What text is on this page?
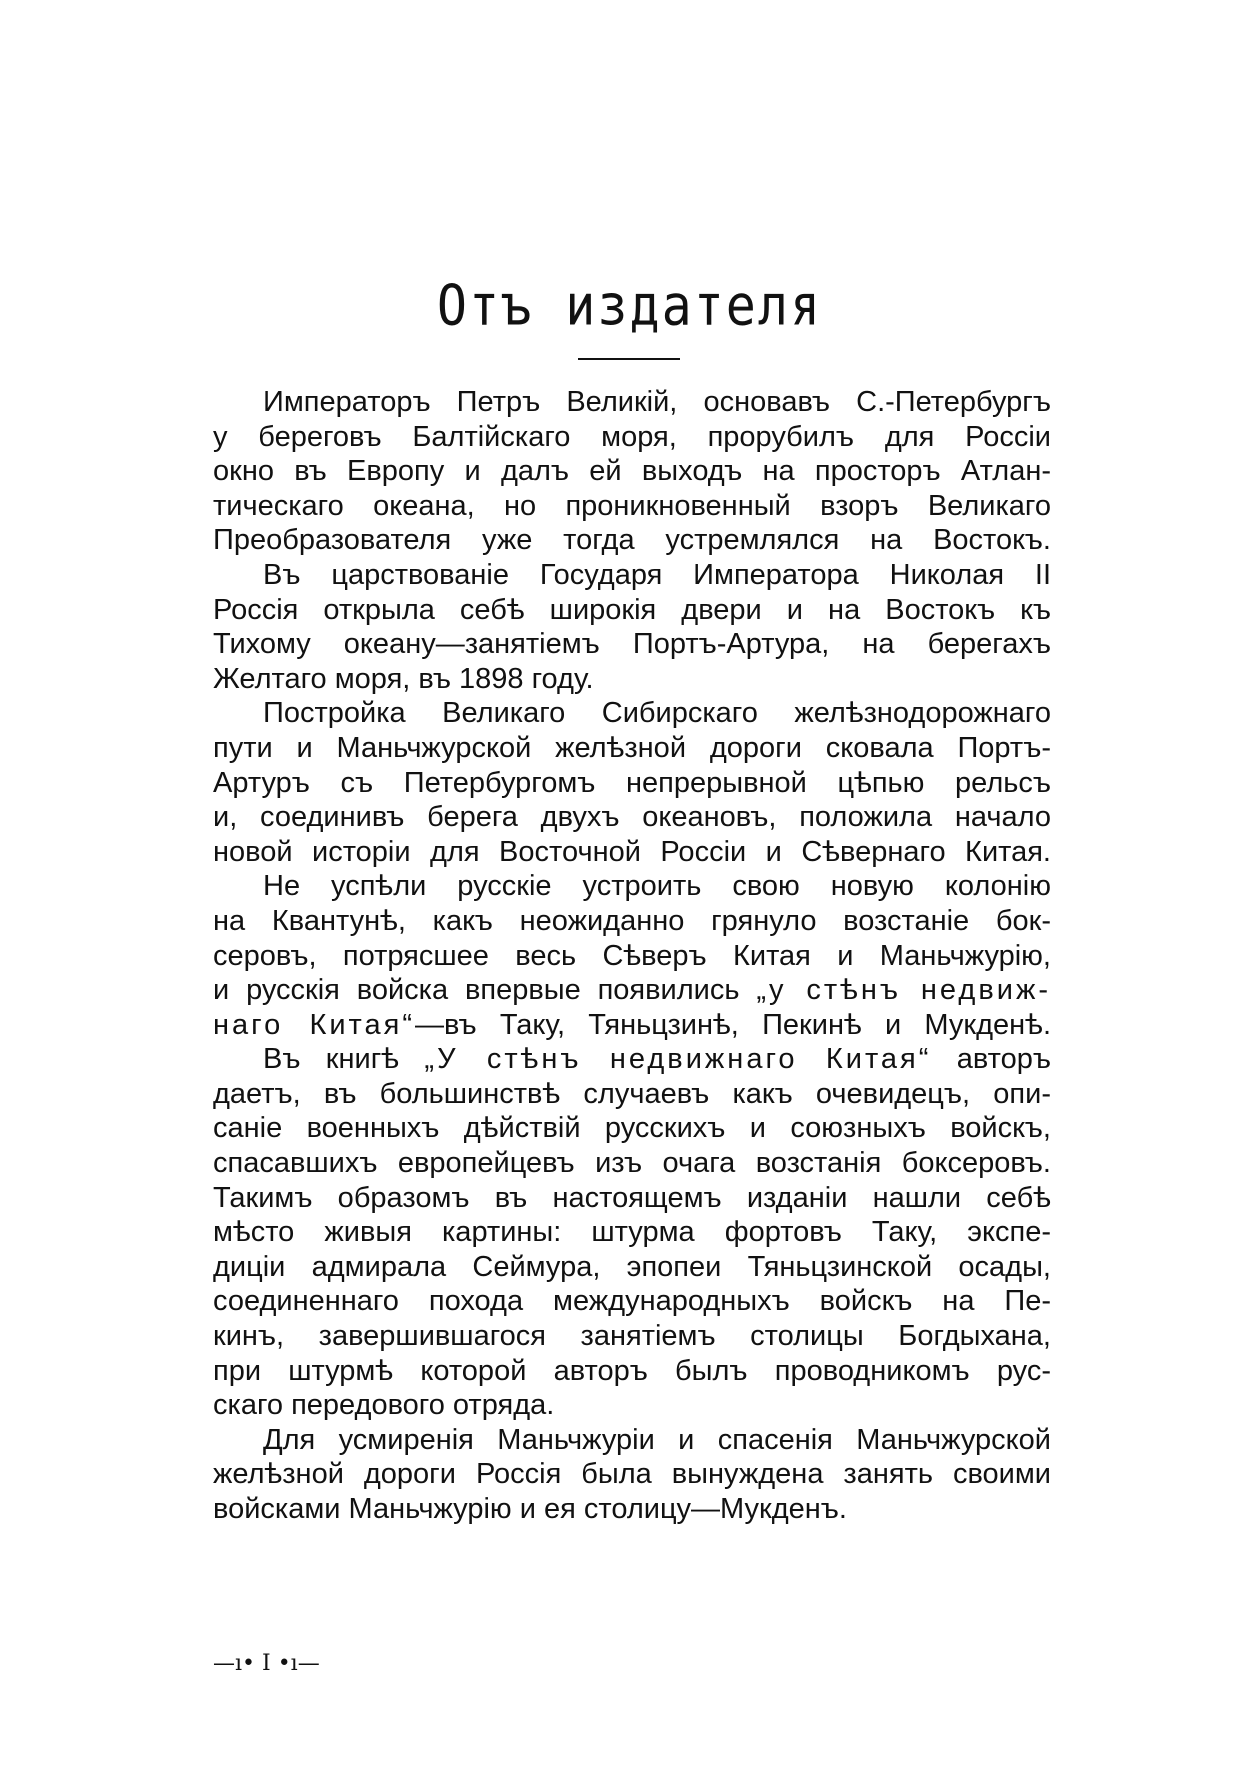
Отъ издателя
Императоръ Петръ Великій, основавъ С.-Петербургъ
у береговъ Балтійскаго моря, прорубилъ для Россіи
окно въ Европу и далъ ей выходъ на просторъ Атлан-
тическаго океана, но проникновенный взоръ Великаго
Преобразователя уже тогда устремлялся на Востокъ.
Въ царствованіе Государя Императора Николая II
Россія открыла себѣ широкія двери и на Востокъ къ
Тихому океану—занятіемъ Портъ-Артура, на берегахъ
Желтаго моря, въ 1898 году.
Постройка Великаго Сибирскаго желѣзнодорожнаго
пути и Маньчжурской желѣзной дороги сковала Портъ-
Артуръ съ Петербургомъ непрерывной цѣпью рельсъ
и, соединивъ берега двухъ океановъ, положила начало
новой исторіи для Восточной Россіи и Сѣвернаго Китая.
Не успѣли русскіе устроить свою новую колонію
на Квантунѣ, какъ неожиданно грянуло возстаніе бок-
серовъ, потрясшее весь Сѣверъ Китая и Маньчжурію,
и русскія войска впервые появились „у стѣнъ недвиж-
наго Китая“—въ Таку, Тяньцзинѣ, Пекинѣ и Мукденѣ.
Въ книгѣ „У стѣнъ недвижнаго Китая“ авторъ
даетъ, въ большинствѣ случаевъ какъ очевидецъ, опи-
саніе военныхъ дѣйствій русскихъ и союзныхъ войскъ,
спасавшихъ европейцевъ изъ очага возстанія боксеровъ.
Такимъ образомъ въ настоящемъ изданіи нашли себѣ
мѣсто живыя картины: штурма фортовъ Таку, экспе-
диціи адмирала Сеймура, эпопеи Тяньцзинской осады,
соединеннаго похода международныхъ войскъ на Пе-
кинъ, завершившагося занятіемъ столицы Богдыхана,
при штурмѣ которой авторъ былъ проводникомъ рус-
скаго передового отряда.
Для усмиренія Маньчжуріи и спасенія Маньчжурской
желѣзной дороги Россія была вынуждена занять своими
войсками Маньчжурію и ея столицу—Мукденъ.
—ı• I •ı—
